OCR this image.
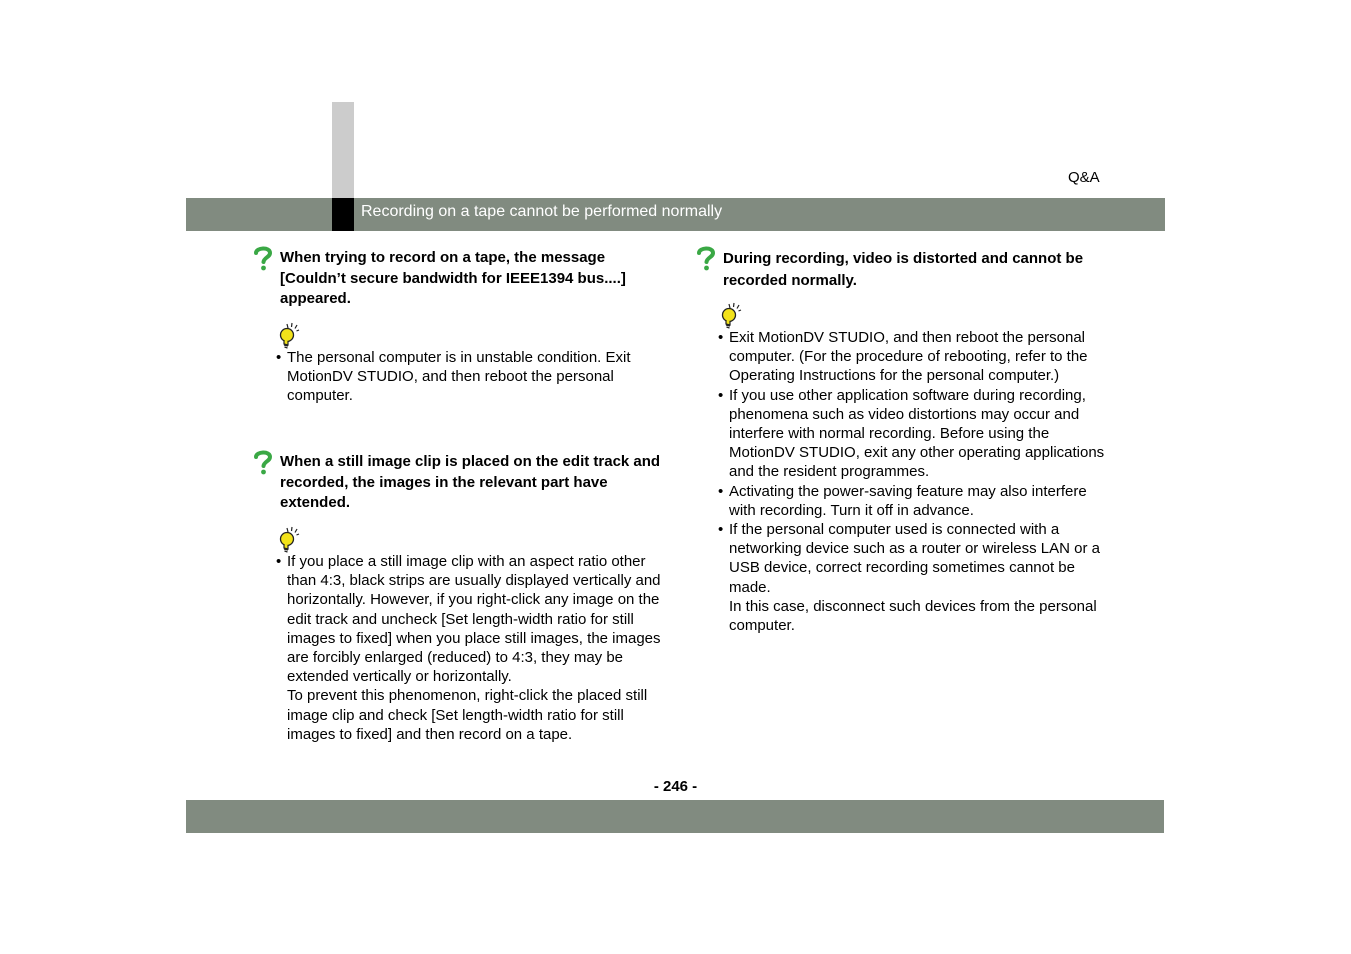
Q&A
Recording on a tape cannot be performed normally
When trying to record on a tape, the message [Couldn’t secure bandwidth for IEEE1394 bus....] appeared.
• The personal computer is in unstable condition. Exit MotionDV STUDIO, and then reboot the personal computer.
When a still image clip is placed on the edit track and recorded, the images in the relevant part have extended.
• If you place a still image clip with an aspect ratio other than 4:3, black strips are usually displayed vertically and horizontally. However, if you right-click any image on the edit track and uncheck [Set length-width ratio for still images to fixed] when you place still images, the images are forcibly enlarged (reduced) to 4:3, they may be extended vertically or horizontally.
To prevent this phenomenon, right-click the placed still image clip and check [Set length-width ratio for still images to fixed] and then record on a tape.
During recording, video is distorted and cannot be recorded normally.
• Exit MotionDV STUDIO, and then reboot the personal computer. (For the procedure of rebooting, refer to the Operating Instructions for the personal computer.)
• If you use other application software during recording, phenomena such as video distortions may occur and interfere with normal recording. Before using the MotionDV STUDIO, exit any other operating applications and the resident programmes.
• Activating the power-saving feature may also interfere with recording. Turn it off in advance.
• If the personal computer used is connected with a networking device such as a router or wireless LAN or a USB device, correct recording sometimes cannot be made.
In this case, disconnect such devices from the personal computer.
- 246 -
